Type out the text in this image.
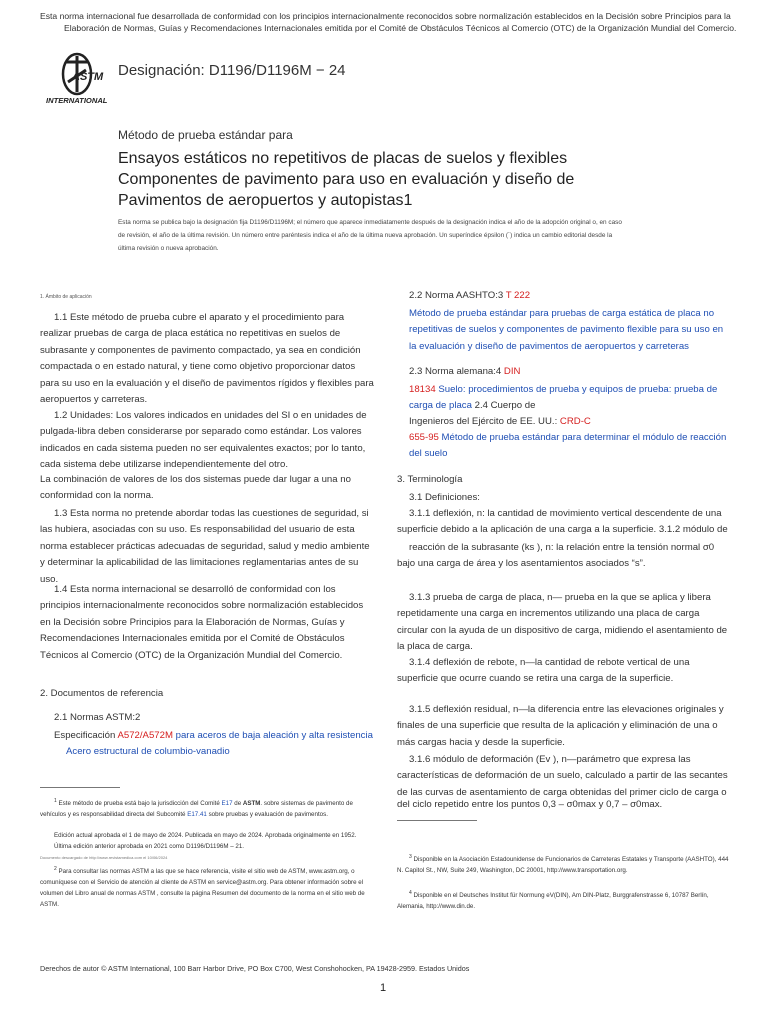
Esta norma internacional fue desarrollada de conformidad con los principios internacionalmente reconocidos sobre normalización establecidos en la Decisión sobre Principios para la
Elaboración de Normas, Guías y Recomendaciones Internacionales emitida por el Comité de Obstáculos Técnicos al Comercio (OTC) de la Organización Mundial del Comercio.
ASTM
INTERNATIONAL
Designación: D1196/D1196M − 24
Método de prueba estándar para
Ensayos estáticos no repetitivos de placas de suelos y flexibles
Componentes de pavimento para uso en evaluación y diseño de
Pavimentos de aeropuertos y autopistas1
Esta norma se publica bajo la designación fija D1196/D1196M; el número que aparece inmediatamente después de la designación indica el año de la adopción original o, en caso
de revisión, el año de la última revisión. Un número entre paréntesis indica el año de la última nueva aprobación. Un superíndice épsilon (´) indica un cambio editorial desde la
última revisión o nueva aprobación.
1. Ámbito de aplicación

1.1 Este método de prueba cubre el aparato y el procedimiento para realizar pruebas de carga de placa estática no repetitivas en suelos de subrasante y componentes de pavimento compactado, ya sea en condición compactada o en estado natural, y tiene como objetivo proporcionar datos para su uso en la evaluación y el diseño de pavimentos rígidos y flexibles para aeropuertos y carreteras.

1.2 Unidades: Los valores indicados en unidades del SI o en unidades de pulgada-libra deben considerarse por separado como estándar. Los valores indicados en cada sistema pueden no ser equivalentes exactos; por lo tanto, cada sistema debe utilizarse independientemente del otro.

La combinación de valores de los dos sistemas puede dar lugar a una no conformidad con la norma.

1.3 Esta norma no pretende abordar todas las cuestiones de seguridad, si las hubiera, asociadas con su uso. Es responsabilidad del usuario de esta norma establecer prácticas adecuadas de seguridad, salud y medio ambiente y determinar la aplicabilidad de las limitaciones reglamentarias antes de su uso.

1.4 Esta norma internacional se desarrolló de conformidad con los principios internacionalmente reconocidos sobre normalización establecidos en la Decisión sobre Principios para la Elaboración de Normas, Guías y Recomendaciones Internacionales emitida por el Comité de Obstáculos Técnicos al Comercio (OTC) de la Organización Mundial del Comercio.

2. Documentos de referencia
2.1 Normas ASTM:2
Especificación A572/A572M para aceros de baja aleación y alta resistencia
Acero estructural de columbio-vanadio
$^1$ Este método de prueba está bajo la jurisdicción del Comité E17 de ASTM. sobre sistemas de pavimento de vehículos y es responsabilidad directa del Subcomité E17.41 sobre pruebas y evaluación de pavimentos.
Edición actual aprobada el 1 de mayo de 2024. Publicada en mayo de 2024. Aprobada originalmente en 1952. Última edición anterior aprobada en 2021 como D1196/D1196M – 21.
Documento descargado de http://www.revistamedica.com el 10/06/2024
$^2$ Para consultar las normas ASTM a las que se hace referencia, visite el sitio web de ASTM, www.astm.org, o comuníquese con el Servicio de atención al cliente de ASTM en service@astm.org. Para obtener información sobre el volumen del Libro anual de normas ASTM , consulte la página Resumen del documento de la norma en el sitio web de ASTM.
2.2 Norma AASHTO:3 T 222

Método de prueba estándar para pruebas de carga estática de placa no repetitivas de suelos y componentes de pavimento flexible para su uso en la evaluación y diseño de pavimentos de aeropuertos y carreteras

2.3 Norma alemana:4 DIN

18134 Suelo: procedimientos de prueba y equipos de prueba: prueba de carga de placa 2.4 Cuerpo de

Ingenieros del Ejército de EE. UU.: CRD-C

655-95 Método de prueba estándar para determinar el módulo de reacción del suelo

3. Terminología
3.1 Definiciones:

3.1.1 deflexión, n: la cantidad de movimiento vertical descendente de una superficie debido a la aplicación de una carga a la superficie. 3.1.2 módulo de

reacción de la subrasante (ks ), n: la relación entre la tensión normal σ0 bajo una carga de área y los asentamientos asociados “s”.

3.1.3 prueba de carga de placa, n— prueba en la que se aplica y libera repetidamente una carga en incrementos utilizando una placa de carga circular con la ayuda de un dispositivo de carga, midiendo el asentamiento de la placa de carga.

3.1.4 deflexión de rebote, n—la cantidad de rebote vertical de una superficie que ocurre cuando se retira una carga de la superficie.

3.1.5 deflexión residual, n—la diferencia entre las elevaciones originales y finales de una superficie que resulta de la aplicación y eliminación de una o más cargas hacia y desde la superficie.

3.1.6 módulo de deformación (Ev ), n—parámetro que expresa las características de deformación de un suelo, calculado a partir de las secantes de las curvas de asentamiento de carga obtenidas del primer ciclo de carga o

del ciclo repetido entre los puntos 0,3 – σ0max y 0,7 – σ0max.

$^3$ Disponible en la Asociación Estadounidense de Funcionarios de Carreteras Estatales y Transporte (AASHTO), 444 N. Capitol St., NW, Suite 249, Washington, DC 20001, http://www.transportation.org.
$^4$ Disponible en el Deutsches Institut für Normung eV(DIN), Am DIN-Platz, Burggrafenstrasse 6, 10787 Berlín, Alemania, http://www.din.de.
Derechos de autor © ASTM International, 100 Barr Harbor Drive, PO Box C700, West Conshohocken, PA 19428-2959. Estados Unidos
1
